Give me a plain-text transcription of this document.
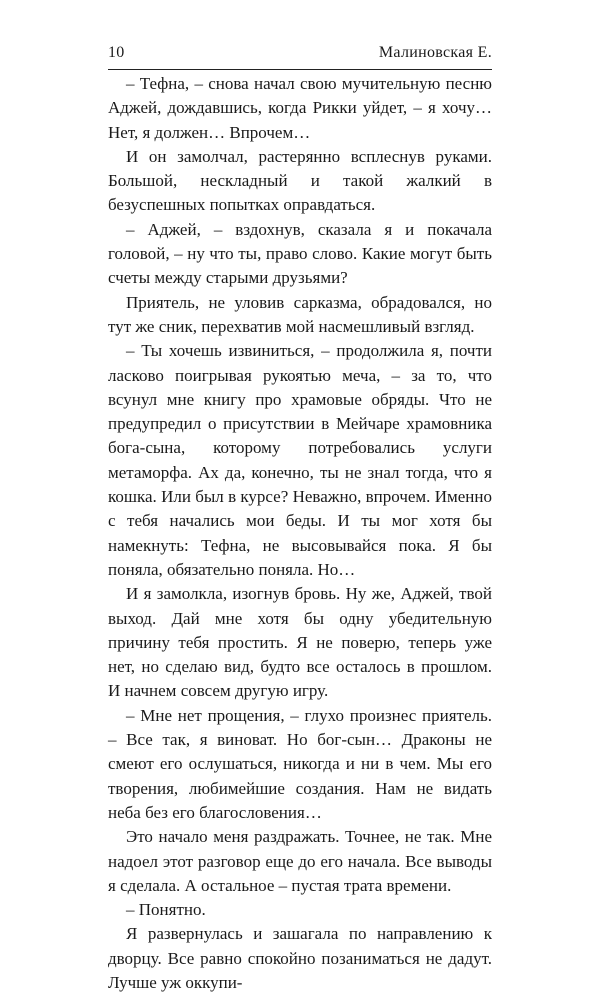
10	Малиновская Е.

– Тефна, – снова начал свою мучительную песню Аджей, дождавшись, когда Рикки уйдет, – я хочу… Нет, я должен… Впрочем…

И он замолчал, растерянно всплеснув руками. Большой, нескладный и такой жалкий в безуспешных попытках оправдаться.

– Аджей, – вздохнув, сказала я и покачала головой, – ну что ты, право слово. Какие могут быть счеты между старыми друзьями?

Приятель, не уловив сарказма, обрадовался, но тут же сник, перехватив мой насмешливый взгляд.

– Ты хочешь извиниться, – продолжила я, почти ласково поигрывая рукоятью меча, – за то, что всунул мне книгу про храмовые обряды. Что не предупредил о присутствии в Мейчаре храмовника бога-сына, которому потребовались услуги метаморфа. Ах да, конечно, ты не знал тогда, что я кошка. Или был в курсе? Неважно, впрочем. Именно с тебя начались мои беды. И ты мог хотя бы намекнуть: Тефна, не высовывайся пока. Я бы поняла, обязательно поняла. Но…

И я замолкла, изогнув бровь. Ну же, Аджей, твой выход. Дай мне хотя бы одну убедительную причину тебя простить. Я не поверю, теперь уже нет, но сделаю вид, будто все осталось в прошлом. И начнем совсем другую игру.

– Мне нет прощения, – глухо произнес приятель. – Все так, я виноват. Но бог-сын… Драконы не смеют его ослушаться, никогда и ни в чем. Мы его творения, любимейшие создания. Нам не видать неба без его благословения…

Это начало меня раздражать. Точнее, не так. Мне надоел этот разговор еще до его начала. Все выводы я сделала. А остальное – пустая трата времени.

– Понятно.

Я развернулась и зашагала по направлению к дворцу. Все равно спокойно позаниматься не дадут. Лучше уж оккупи-
